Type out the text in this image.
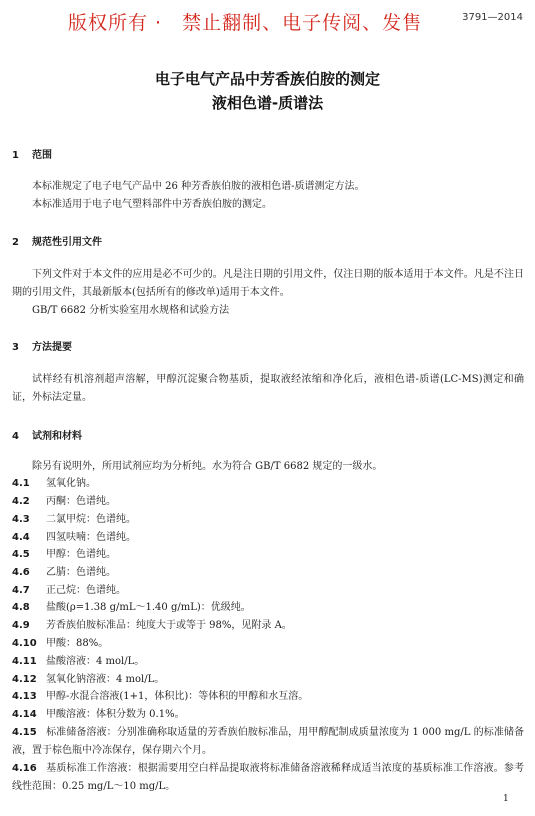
版权所有 ·　禁止翻制、电子传阅、发售	3791—2014
电子电气产品中芳香族伯胺的测定
液相色谱-质谱法
1 范围
本标准规定了电子电气产品中 26 种芳香族伯胺的液相色谱-质谱测定方法。
本标准适用于电子电气塑料部件中芳香族伯胺的测定。
2 规范性引用文件
下列文件对于本文件的应用是必不可少的。凡是注日期的引用文件，仅注日期的版本适用于本文件。凡是不注日期的引用文件，其最新版本(包括所有的修改单)适用于本文件。
GB/T 6682 分析实验室用水规格和试验方法
3 方法提要
试样经有机溶剂超声溶解，甲醇沉淀聚合物基质，提取液经浓缩和净化后，液相色谱-质谱(LC-MS)测定和确证，外标法定量。
4 试剂和材料
除另有说明外，所用试剂应均为分析纯。水为符合 GB/T 6682 规定的一级水。
4.1 氢氧化钠。
4.2 丙酮：色谱纯。
4.3 二氯甲烷：色谱纯。
4.4 四氢呋喃：色谱纯。
4.5 甲醇：色谱纯。
4.6 乙腈：色谱纯。
4.7 正己烷：色谱纯。
4.8 盐酸(ρ=1.38 g/mL～1.40 g/mL)：优级纯。
4.9 芳香族伯胺标准品：纯度大于或等于 98%，见附录 A。
4.10 甲酸：88%。
4.11 盐酸溶液：4 mol/L。
4.12 氢氧化钠溶液：4 mol/L。
4.13 甲醇-水混合溶液(1+1，体积比)：等体积的甲醇和水互溶。
4.14 甲酸溶液：体积分数为 0.1%。
4.15 标准储备溶液：分别准确称取适量的芳香族伯胺标准品，用甲醇配制成质量浓度为 1 000 mg/L 的标准储备液，置于棕色瓶中冷冻保存，保存期六个月。
4.16 基质标准工作溶液：根据需要用空白样品提取液将标准储备溶液稀释成适当浓度的基质标准工作溶液。参考线性范围：0.25 mg/L～10 mg/L。
1
